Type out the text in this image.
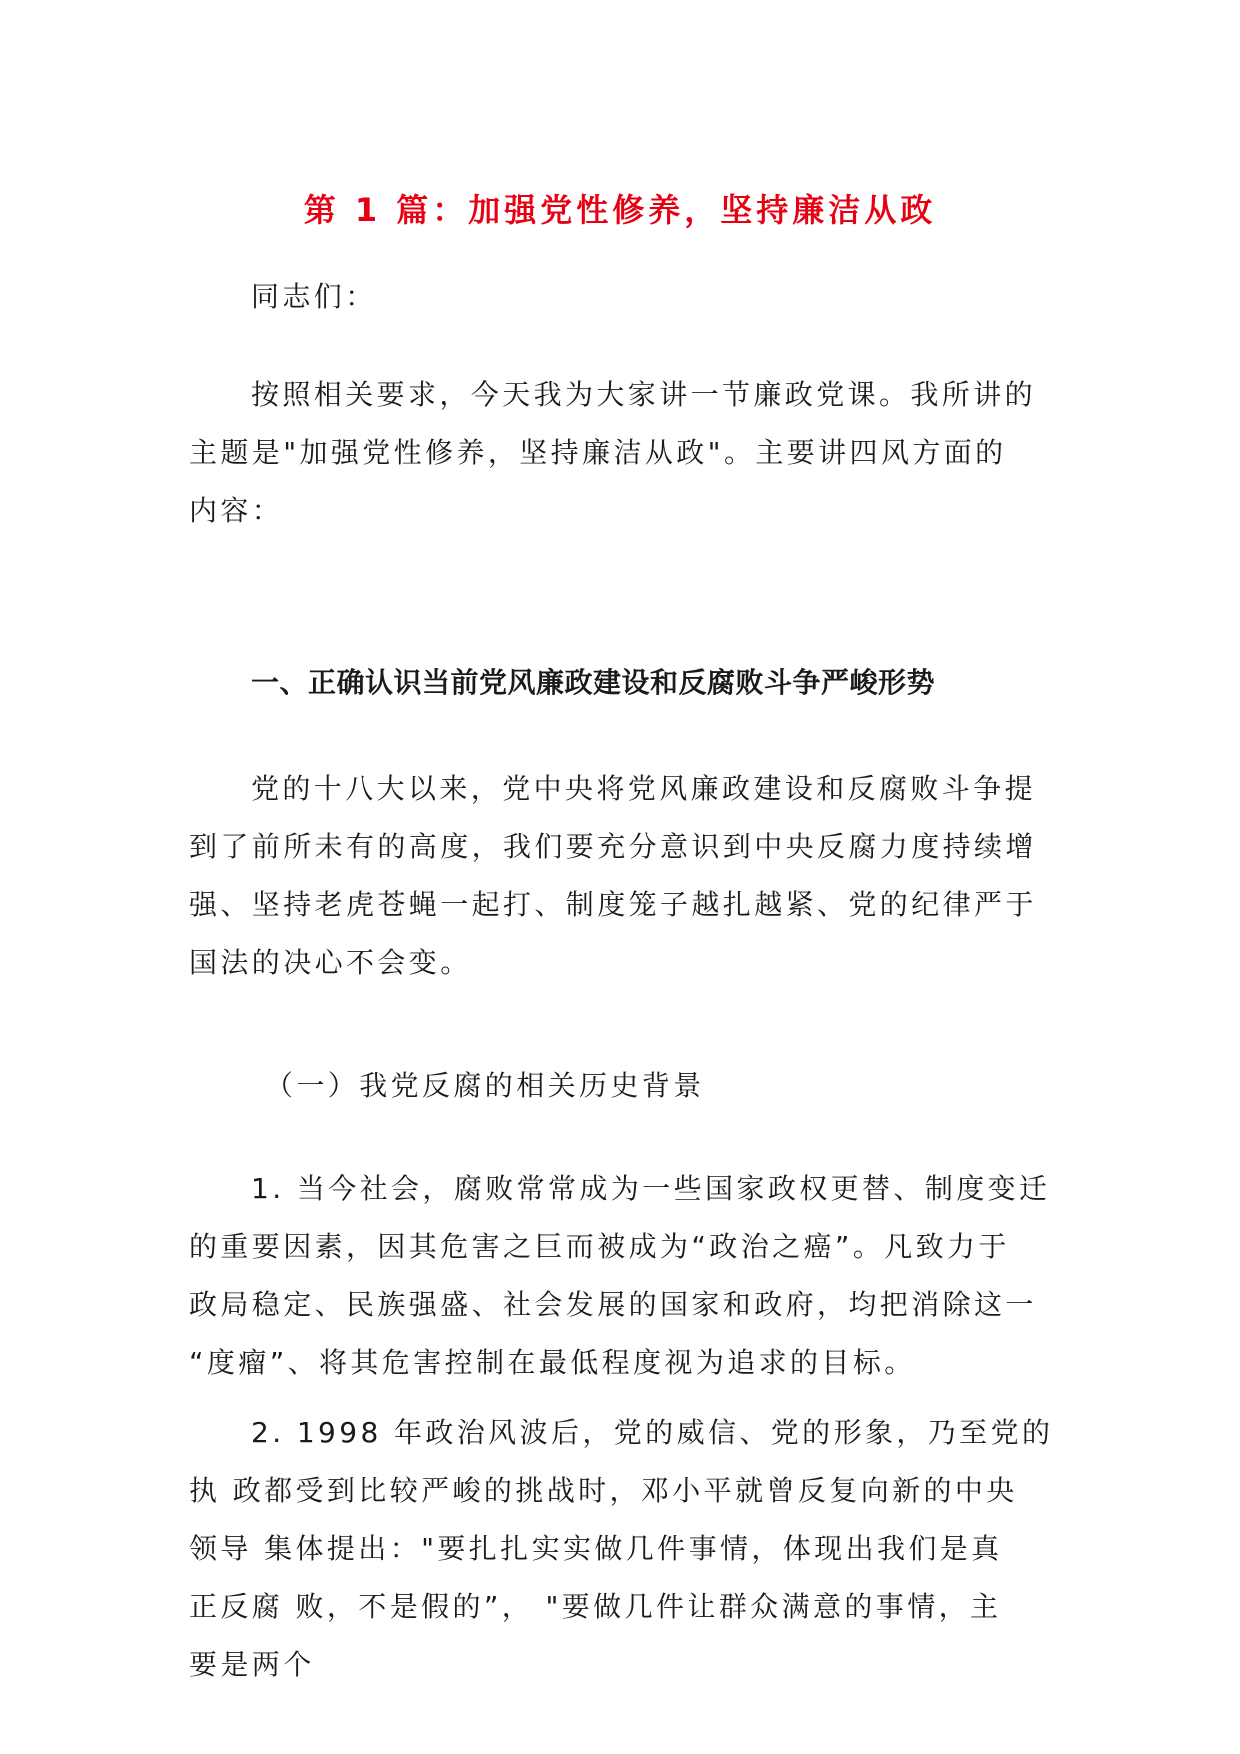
第 1 篇：加强党性修养，坚持廉洁从政
同志们：
按照相关要求，今天我为大家讲一节廉政党课。我所讲的
主题是"加强党性修养，坚持廉洁从政"。主要讲四风方面的
内容：
一、正确认识当前党风廉政建设和反腐败斗争严峻形势
党的十八大以来，党中央将党风廉政建设和反腐败斗争提
到了前所未有的高度，我们要充分意识到中央反腐力度持续增
强、坚持老虎苍蝇一起打、制度笼子越扎越紧、党的纪律严于
国法的决心不会变。
（一）我党反腐的相关历史背景
1. 当今社会，腐败常常成为一些国家政权更替、制度变迁
的重要因素，因其危害之巨而被成为“政治之癌”。凡致力于
政局稳定、民族强盛、社会发展的国家和政府，均把消除这一
“度瘤”、将其危害控制在最低程度视为追求的目标。
2. 1998 年政治风波后，党的威信、党的形象，乃至党的
执 政都受到比较严峻的挑战时，邓小平就曾反复向新的中央
领导 集体提出："要扎扎实实做几件事情，体现出我们是真
正反腐 败，不是假的”， "要做几件让群众满意的事情，主
要是两个
